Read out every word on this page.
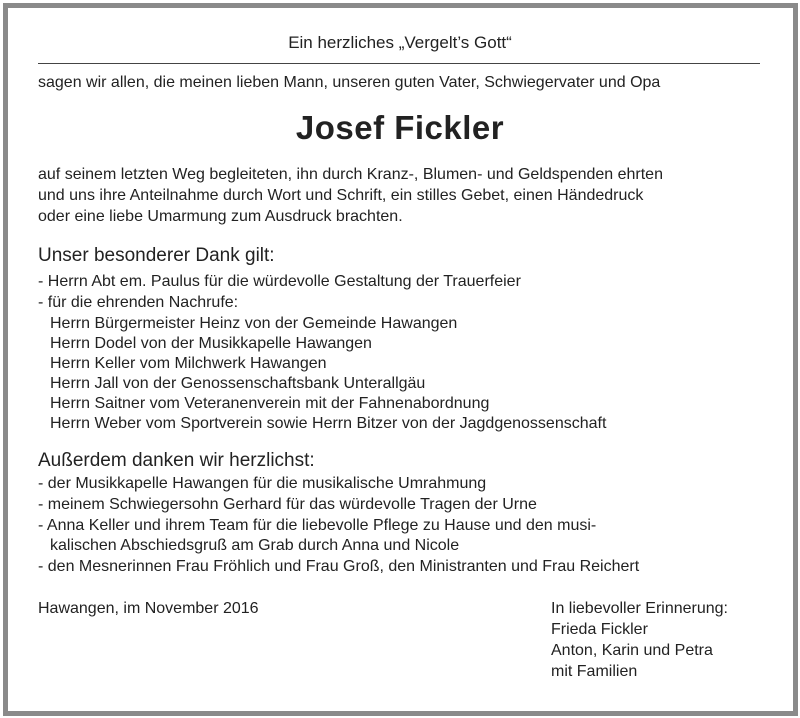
Ein herzliches „Vergelt’s Gott“
sagen wir allen, die meinen lieben Mann, unseren guten Vater, Schwiegervater und Opa
Josef Fickler
auf seinem letzten Weg begleiteten, ihn durch Kranz-, Blumen- und Geldspenden ehrten
und uns ihre Anteilnahme durch Wort und Schrift, ein stilles Gebet, einen Händedruck
oder eine liebe Umarmung zum Ausdruck brachten.
Unser besonderer Dank gilt:
- Herrn Abt em. Paulus für die würdevolle Gestaltung der Trauerfeier
- für die ehrenden Nachrufe:
Herrn Bürgermeister Heinz von der Gemeinde Hawangen
Herrn Dodel von der Musikkapelle Hawangen
Herrn Keller vom Milchwerk Hawangen
Herrn Jall von der Genossenschaftsbank Unterallgäu
Herrn Saitner vom Veteranenverein mit der Fahnenabordnung
Herrn Weber vom Sportverein sowie Herrn Bitzer von der Jagdgenossenschaft
Außerdem danken wir herzlichst:
- der Musikkapelle Hawangen für die musikalische Umrahmung
- meinem Schwiegersohn Gerhard für das würdevolle Tragen der Urne
- Anna Keller und ihrem Team für die liebevolle Pflege zu Hause und den musi-
kalischen Abschiedsgruß am Grab durch Anna und Nicole
- den Mesnerinnen Frau Fröhlich und Frau Groß, den Ministranten und Frau Reichert
Hawangen, im November 2016	In liebevoller Erinnerung:
Frieda Fickler
Anton, Karin und Petra
mit Familien
